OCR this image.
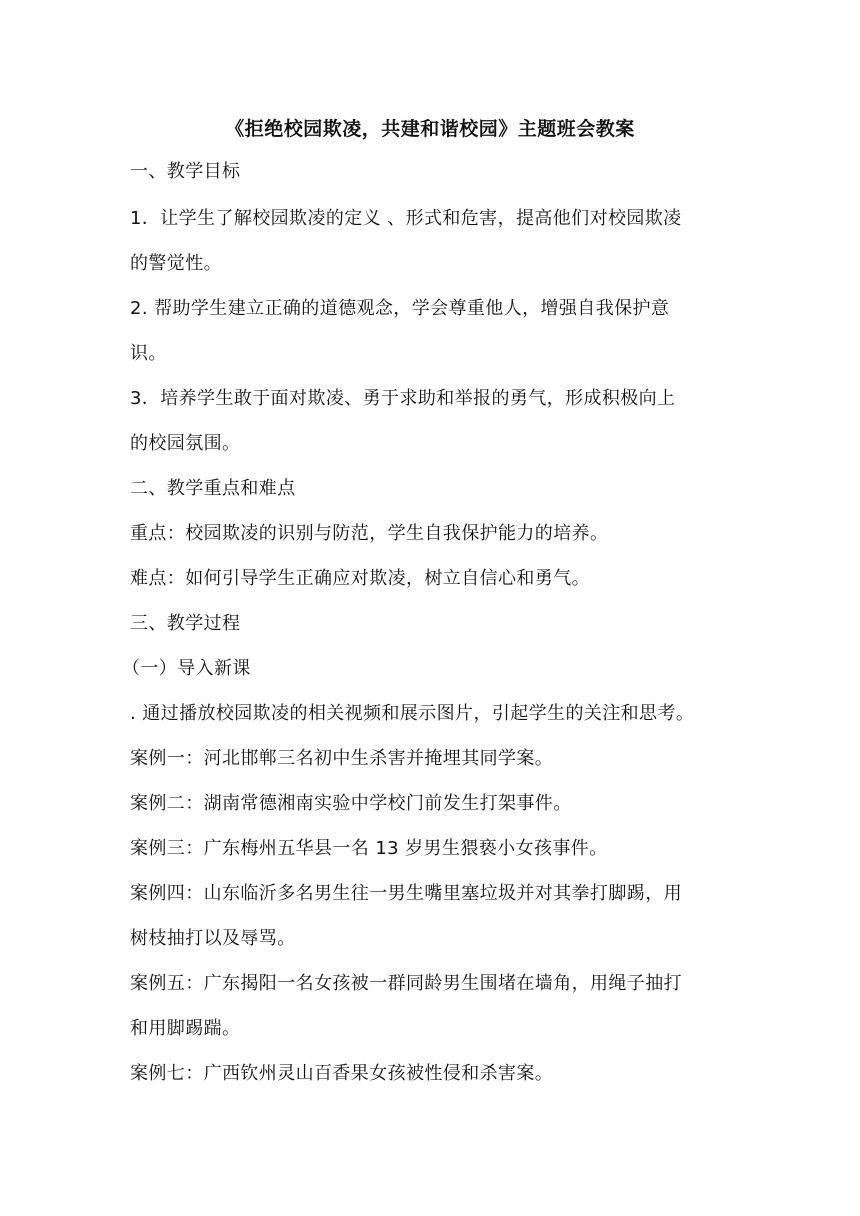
《拒绝校园欺凌，共建和谐校园》主题班会教案
一、教学目标
1．让学生了解校园欺凌的定义 、形式和危害，提高他们对校园欺凌
的警觉性。
2. 帮助学生建立正确的道德观念，学会尊重他人，增强自我保护意
识。
3．培养学生敢于面对欺凌、勇于求助和举报的勇气，形成积极向上
的校园氛围。
二、教学重点和难点
重点：校园欺凌的识别与防范，学生自我保护能力的培养。
难点：如何引导学生正确应对欺凌，树立自信心和勇气。
三、教学过程
（一）导入新课
. 通过播放校园欺凌的相关视频和展示图片，引起学生的关注和思考。
案例一：河北邯郸三名初中生杀害并掩埋其同学案。
案例二：湖南常德湘南实验中学校门前发生打架事件。
案例三：广东梅州五华县一名 13 岁男生猥亵小女孩事件。
案例四：山东临沂多名男生往一男生嘴里塞垃圾并对其拳打脚踢，用
树枝抽打以及辱骂。
案例五：广东揭阳一名女孩被一群同龄男生围堵在墙角，用绳子抽打
和用脚踢踹。
案例七：广西钦州灵山百香果女孩被性侵和杀害案。
